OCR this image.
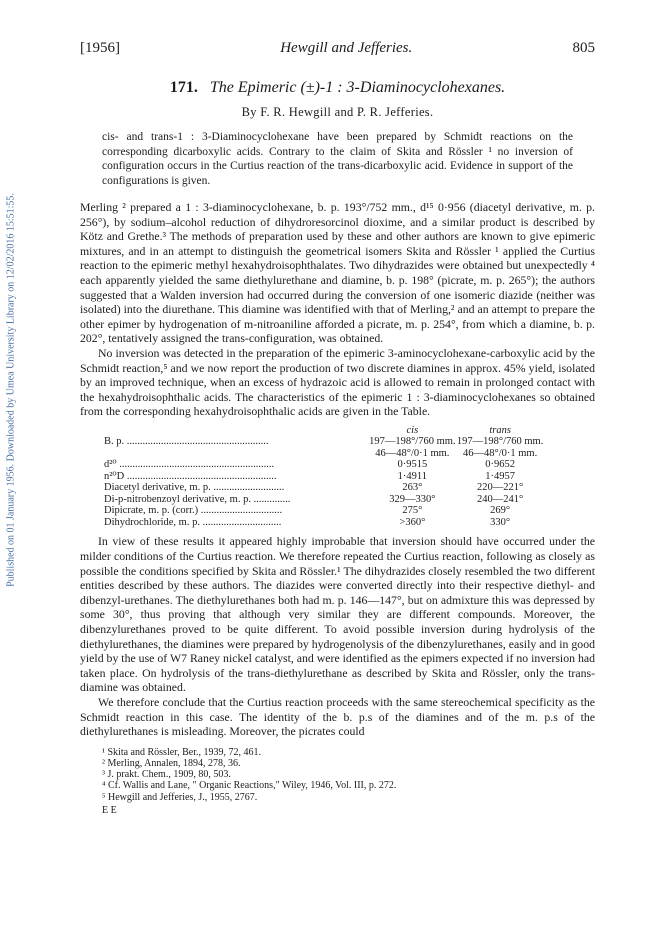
Published on 01 January 1956. Downloaded by Umea University Library on 12/02/2016 15:51:55.
[1956]	Hewgill and Jefferies.	805
171. The Epimeric (±)-1 : 3-Diaminocyclohexanes.
By F. R. Hewgill and P. R. Jefferies.

cis- and trans-1 : 3-Diaminocyclohexane have been prepared by Schmidt reactions on the corresponding dicarboxylic acids. Contrary to the claim of Skita and Rössler ¹ no inversion of configuration occurs in the Curtius reaction of the trans-dicarboxylic acid. Evidence in support of the configurations is given.

Merling ² prepared a 1 : 3-diaminocyclohexane, b. p. 193°/752 mm., d¹⁵ 0·956 (diacetyl derivative, m. p. 256°), by sodium–alcohol reduction of dihydroresorcinol dioxime, and a similar product is described by Kötz and Grethe.³ The methods of preparation used by these and other authors are known to give epimeric mixtures, and in an attempt to distinguish the geometrical isomers Skita and Rössler ¹ applied the Curtius reaction to the epimeric methyl hexahydroisophthalates. Two dihydrazides were obtained but unexpectedly ⁴ each apparently yielded the same diethylurethane and diamine, b. p. 198° (picrate, m. p. 265°); the authors suggested that a Walden inversion had occurred during the conversion of one isomeric diazide (neither was isolated) into the diurethane. This diamine was identified with that of Merling,² and an attempt to prepare the other epimer by hydrogenation of m-nitroaniline afforded a picrate, m. p. 254°, from which a diamine, b. p. 202°, tentatively assigned the trans-configuration, was obtained.

No inversion was detected in the preparation of the epimeric 3-aminocyclohexane-carboxylic acid by the Schmidt reaction,⁵ and we now report the production of two discrete diamines in approx. 45% yield, isolated by an improved technique, when an excess of hydrazoic acid is allowed to remain in prolonged contact with the hexahydroisophthalic acids. The characteristics of the epimeric 1 : 3-diaminocyclohexanes so obtained from the corresponding hexahydroisophthalic acids are given in the Table.

	cis	trans
B. p. ......................................................	197—198°/760 mm.	197—198°/760 mm.
	46—48°/0·1 mm.	46—48°/0·1 mm.
d²⁰ ...........................................................	0·9515	0·9652
n²⁰D .........................................................	1·4911	1·4957
Diacetyl derivative, m. p. ...........................	263°	220—221°
Di-p-nitrobenzoyl derivative, m. p. ..............	329—330°	240—241°
Dipicrate, m. p. (corr.) ...............................	275°	269°
Dihydrochloride, m. p. ..............................	>360°	330°

In view of these results it appeared highly improbable that inversion should have occurred under the milder conditions of the Curtius reaction. We therefore repeated the Curtius reaction, following as closely as possible the conditions specified by Skita and Rössler.¹ The dihydrazides closely resembled the two different entities described by these authors. The diazides were converted directly into their respective diethyl- and dibenzyl-urethanes. The diethylurethanes both had m. p. 146—147°, but on admixture this was depressed by some 30°, thus proving that although very similar they are different compounds. Moreover, the dibenzylurethanes proved to be quite different. To avoid possible inversion during hydrolysis of the diethylurethanes, the diamines were prepared by hydrogenolysis of the dibenzylurethanes, easily and in good yield by the use of W7 Raney nickel catalyst, and were identified as the epimers expected if no inversion had taken place. On hydrolysis of the trans-diethylurethane as described by Skita and Rössler, only the trans-diamine was obtained.

We therefore conclude that the Curtius reaction proceeds with the same stereochemical specificity as the Schmidt reaction in this case. The identity of the b. p.s of the diamines and of the m. p.s of the diethylurethanes is misleading. Moreover, the picrates could

¹ Skita and Rössler, Ber., 1939, 72, 461.
² Merling, Annalen, 1894, 278, 36.
³ J. prakt. Chem., 1909, 80, 503.
⁴ Cf. Wallis and Lane, " Organic Reactions," Wiley, 1946, Vol. III, p. 272.
⁵ Hewgill and Jefferies, J., 1955, 2767.
E E
